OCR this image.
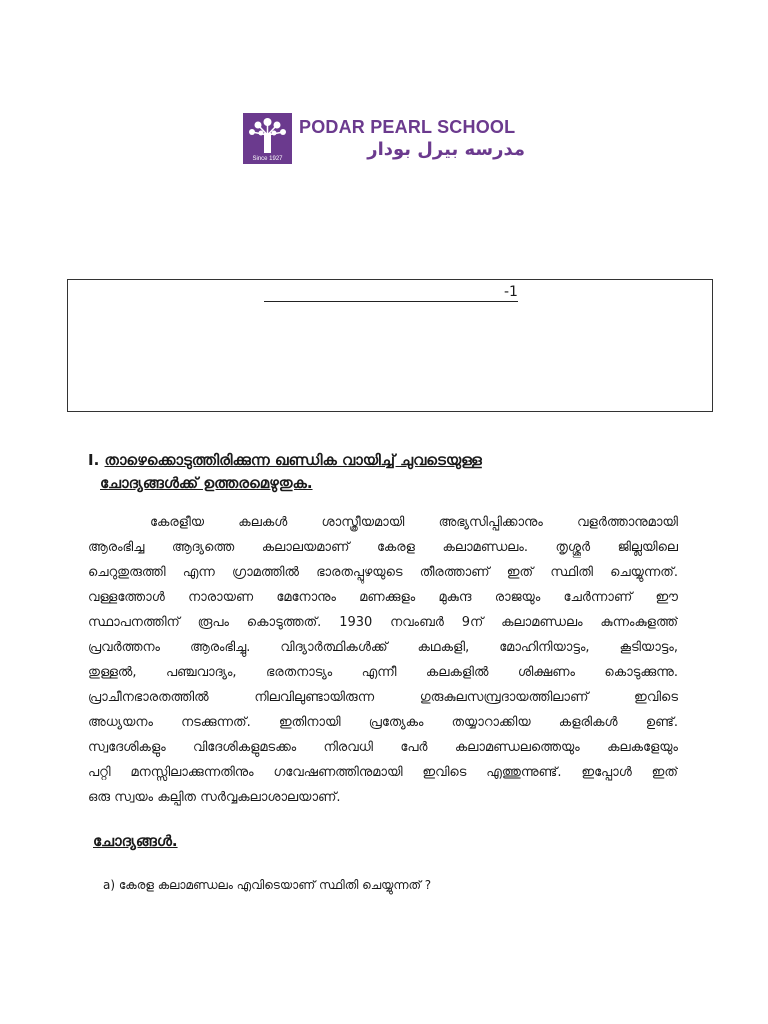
Since 1927
PODAR PEARL SCHOOL
مدرسه بيرل بودار
-1
I. താഴെക്കൊടുത്തിരിക്കുന്ന ഖണ്ഡിക വായിച്ച് ചുവടെയുള്ള
ചോദ്യങ്ങൾക്ക് ഉത്തരമെഴുതുക.
കേരളീയ കലകൾ ശാസ്ത്രീയമായി അഭ്യസിപ്പിക്കാനും വളർത്താനുമായി
ആരംഭിച്ച ആദ്യത്തെ കലാലയമാണ് കേരള കലാമണ്ഡലം. തൃശ്ശൂർ ജില്ലയിലെ
ചെറുതുരുത്തി എന്ന ഗ്രാമത്തിൽ ഭാരതപ്പുഴയുടെ തീരത്താണ് ഇത് സ്ഥിതി ചെയ്യുന്നത്.
വള്ളത്തോൾ നാരായണ മേനോനും മണക്കുളം മുകുന്ദ രാജയും ചേർന്നാണ് ഈ
സ്ഥാപനത്തിന് രൂപം കൊടുത്തത്. 1930 നവംബർ 9ന് കലാമണ്ഡലം കുന്നംകുളത്ത്
പ്രവർത്തനം ആരംഭിച്ചു. വിദ്യാർത്ഥികൾക്ക് കഥകളി, മോഹിനിയാട്ടം, കൂടിയാട്ടം,
തുള്ളൽ, പഞ്ചവാദ്യം, ഭരതനാട്യം എന്നീ കലകളിൽ ശിക്ഷണം കൊടുക്കുന്നു.
പ്രാചീനഭാരതത്തിൽ നിലവിലുണ്ടായിരുന്ന ഗുരുകുലസമ്പ്രദായത്തിലാണ് ഇവിടെ
അധ്യയനം നടക്കുന്നത്. ഇതിനായി പ്രത്യേകം തയ്യാറാക്കിയ കളരികൾ ഉണ്ട്.
സ്വദേശികളും വിദേശികളുമടക്കം നിരവധി പേർ കലാമണ്ഡലത്തെയും കലകളേയും
പറ്റി മനസ്സിലാക്കുന്നതിനും ഗവേഷണത്തിനുമായി ഇവിടെ എത്തുന്നുണ്ട്. ഇപ്പോൾ ഇത്
ഒരു സ്വയം കല്പിത സർവ്വകലാശാലയാണ്.
ചോദ്യങ്ങൾ.
a) കേരള കലാമണ്ഡലം എവിടെയാണ് സ്ഥിതി ചെയ്യുന്നത് ?
